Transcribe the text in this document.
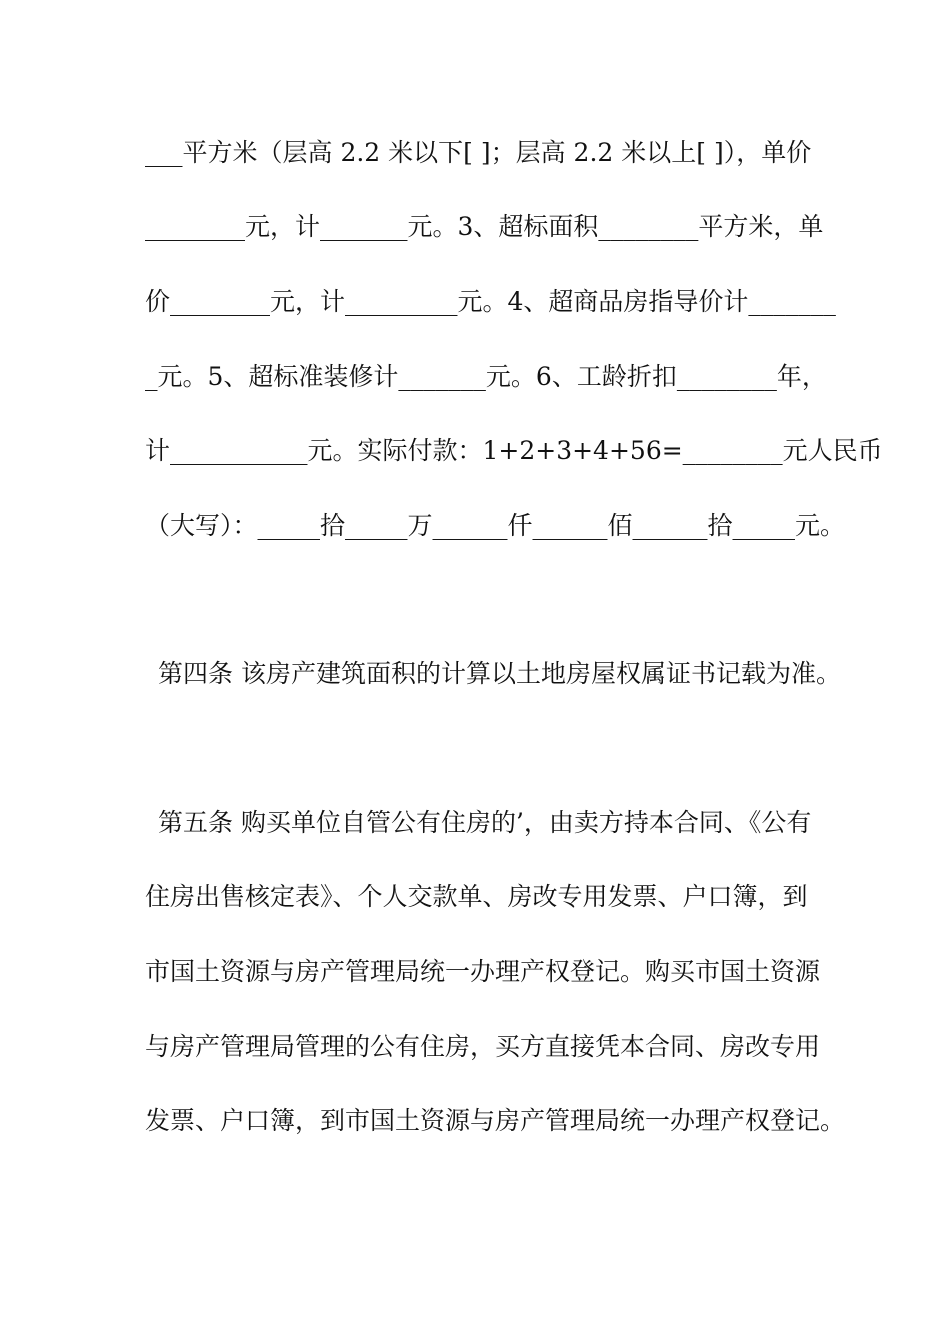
___平方米（层高 2.2 米以下[ ]；层高 2.2 米以上[ ]），单价
________元，计_______元。3、超标面积________平方米，单
价________元，计_________元。4、超商品房指导价计_______
_元。5、超标准装修计_______元。6、工龄折扣________年，
计___________元。实际付款：1+2+3+4+56=________元人民币
（大写）：_____拾_____万______仟______佰______拾_____元。
第四条 该房产建筑面积的计算以土地房屋权属证书记载为准。
第五条 购买单位自管公有住房的’，由卖方持本合同、《公有
住房出售核定表》、个人交款单、房改专用发票、户口簿，到
市国土资源与房产管理局统一办理产权登记。购买市国土资源
与房产管理局管理的公有住房，买方直接凭本合同、房改专用
发票、户口簿，到市国土资源与房产管理局统一办理产权登记。
